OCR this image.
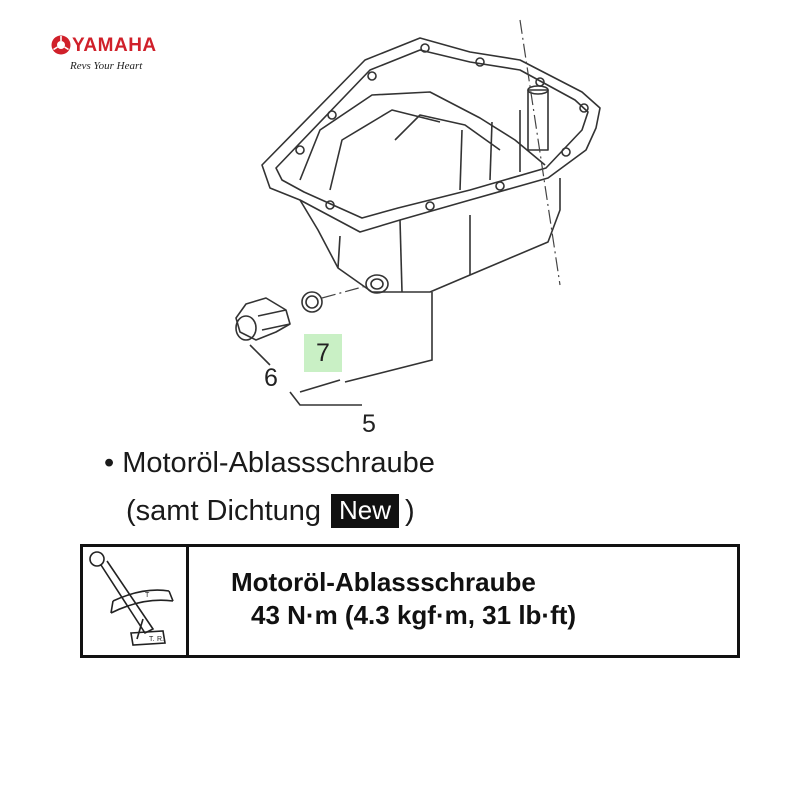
YAMAHA
Revs Your Heart
6
7
5
• Motoröl-Ablassschraube
(samt Dichtung New )
T
T. R.
Motoröl-Ablassschraube
43 N·m (4.3 kgf·m, 31 lb·ft)
